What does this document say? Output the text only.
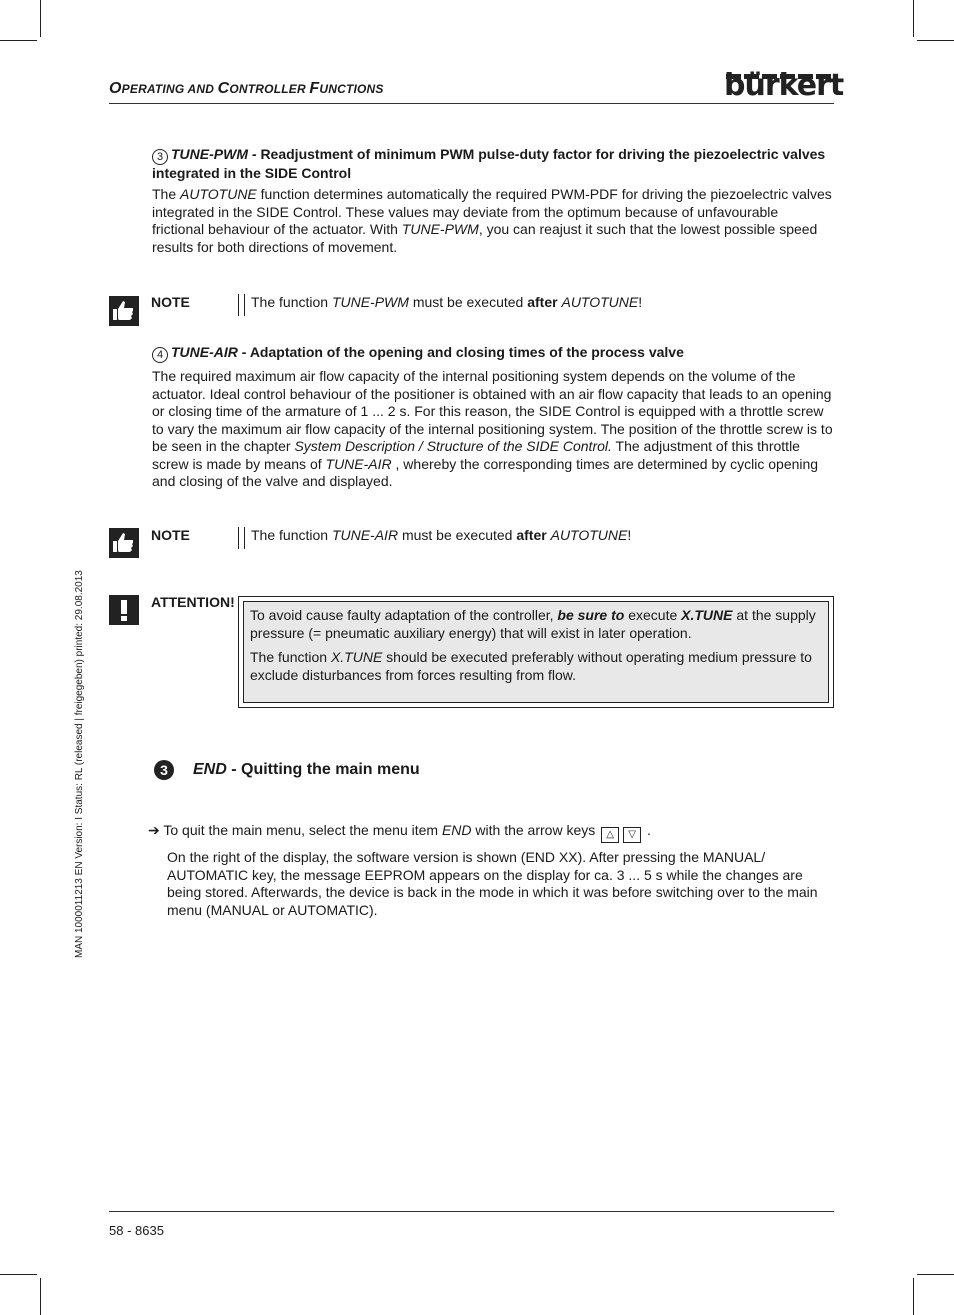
OPERATING AND CONTROLLER FUNCTIONS	bürkert
3 TUNE-PWM - Readjustment of minimum PWM pulse-duty factor for driving the piezoelectric valves integrated in the SIDE Control
The AUTOTUNE function determines automatically the required PWM-PDF for driving the piezoelectric valves integrated in the SIDE Control. These values may deviate from the optimum because of unfavourable frictional behaviour of the actuator. With TUNE-PWM, you can reajust it such that the lowest possible speed results for both directions of movement.
NOTE	The function TUNE-PWM must be executed after AUTOTUNE!
4 TUNE-AIR - Adaptation of the opening and closing times of the process valve
The required maximum air flow capacity of the internal positioning system depends on the volume of the actuator. Ideal control behaviour of the positioner is obtained with an air flow capacity that leads to an opening or closing time of the armature of 1 ... 2 s. For this reason, the SIDE Control is equipped with a throttle screw to vary the maximum air flow capacity of the internal positioning system. The position of the throttle screw is to be seen in the chapter System Description / Structure of the SIDE Control. The adjustment of this throttle screw is made by means of TUNE-AIR , whereby the corresponding times are determined by cyclic opening and closing of the valve and displayed.
NOTE	The function TUNE-AIR must be executed after AUTOTUNE!
ATTENTION!
To avoid cause faulty adaptation of the controller, be sure to execute X.TUNE at the supply pressure (= pneumatic auxiliary energy) that will exist in later operation.
The function X.TUNE should be executed preferably without operating medium pressure to exclude disturbances from forces resulting from flow.
3	END - Quitting the main menu
➔ To quit the main menu, select the menu item END with the arrow keys △ ▽ .
On the right of the display, the software version is shown (END XX). After pressing the MANUAL/ AUTOMATIC key, the message EEPROM appears on the display for ca. 3 ... 5 s while the changes are being stored. Afterwards, the device is back in the mode in which it was before switching over to the main menu (MANUAL or AUTOMATIC).
MAN 1000011213 EN Version: I Status: RL (released | freigegeben) printed: 29.08.2013
58 - 8635
